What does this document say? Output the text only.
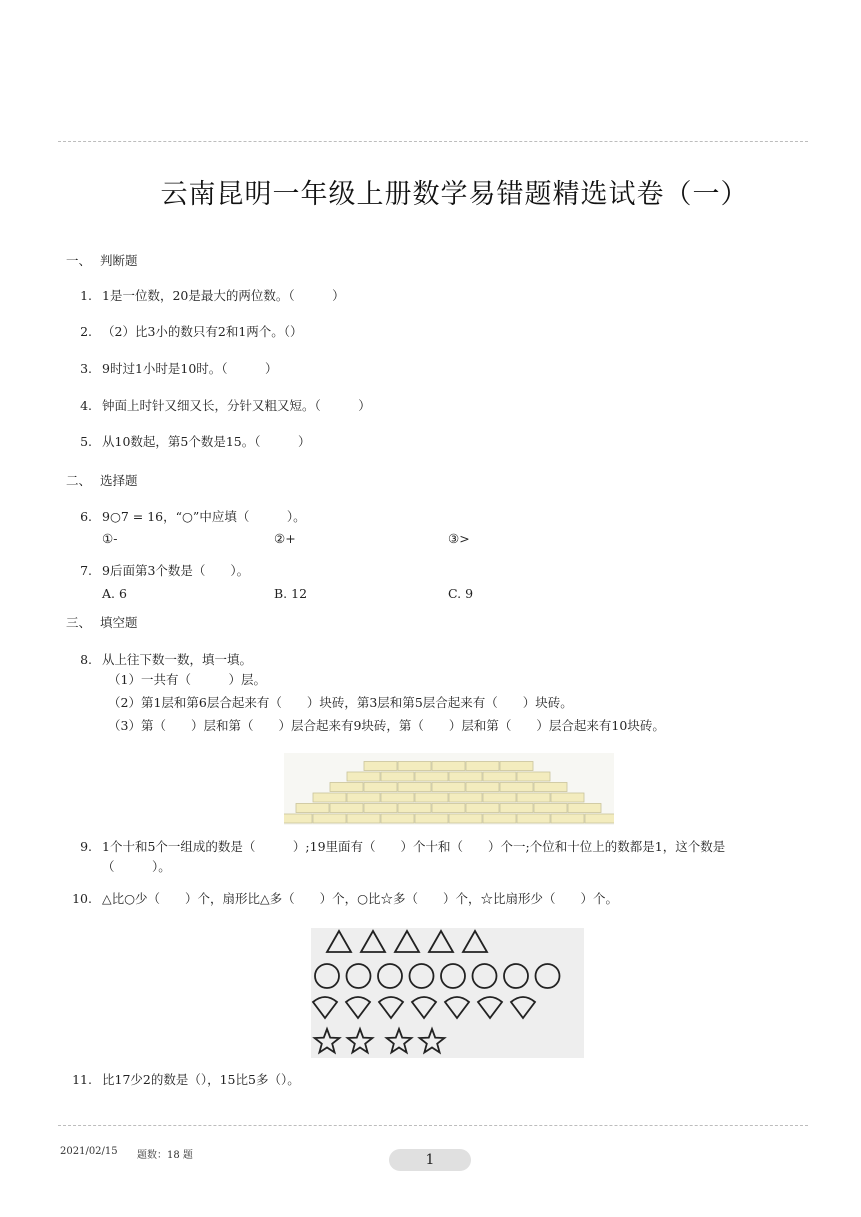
云南昆明一年级上册数学易错题精选试卷（一）
一、 判断题
1. 1是一位数，20是最大的两位数。（　　　）
2. （2）比3小的数只有2和1两个。（）
3. 9时过1小时是10时。（　　　）
4. 钟面上时针又细又长，分针又粗又短。（　　　）
5. 从10数起，第5个数是15。（　　　）
二、 选择题
6. 9○7 = 16，“○”中应填（　　　）。
①-	②+	③>
7. 9后面第3个数是（　　）。
A. 6	B. 12	C. 9
三、 填空题
8. 从上往下数一数，填一填。
（1）一共有（　　　）层。
（2）第1层和第6层合起来有（　　）块砖，第3层和第5层合起来有（　　）块砖。
（3）第（　　）层和第（　　）层合起来有9块砖，第（　　）层和第（　　）层合起来有10块砖。
9. 1个十和5个一组成的数是（　　　）;19里面有（　　）个十和（　　）个一;个位和十位上的数都是1，这个数是（　　　）。
10. △比○少（　　）个，扇形比△多（　　）个，○比☆多（　　）个，☆比扇形少（　　）个。
11. 比17少2的数是（），15比5多（）。
2021/02/15 题数：18 题	1
